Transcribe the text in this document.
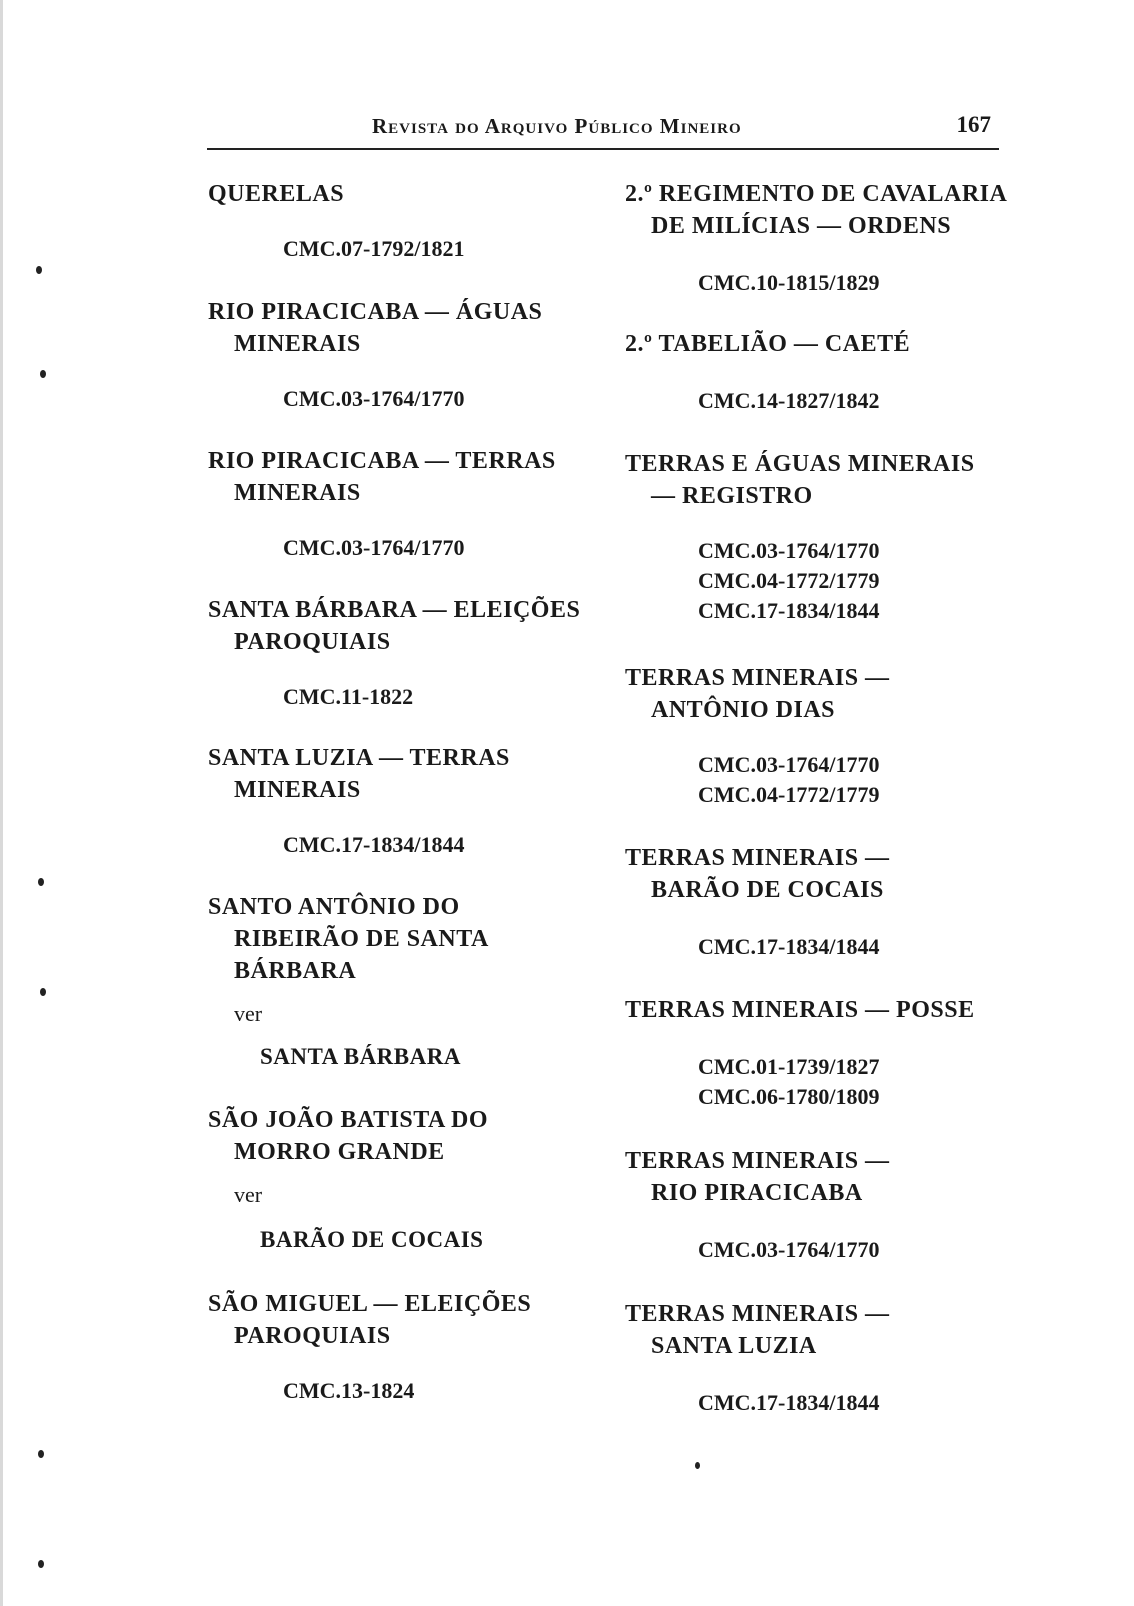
Revista do Arquivo Público Mineiro	167

QUERELAS

CMC.07-1792/1821

RIO PIRACICABA — ÁGUAS
MINERAIS

CMC.03-1764/1770

RIO PIRACICABA — TERRAS
MINERAIS

CMC.03-1764/1770

SANTA BÁRBARA — ELEIÇÕES
PAROQUIAIS

CMC.11-1822

SANTA LUZIA — TERRAS
MINERAIS

CMC.17-1834/1844

SANTO ANTÔNIO DO
RIBEIRÃO DE SANTA
BÁRBARA

ver
SANTA BÁRBARA

SÃO JOÃO BATISTA DO
MORRO GRANDE

ver
BARÃO DE COCAIS

SÃO MIGUEL — ELEIÇÕES
PAROQUIAIS

CMC.13-1824

2.º REGIMENTO DE CAVALARIA
DE MILÍCIAS — ORDENS

CMC.10-1815/1829

2.º TABELIÃO — CAETÉ

CMC.14-1827/1842

TERRAS E ÁGUAS MINERAIS
— REGISTRO

CMC.03-1764/1770
CMC.04-1772/1779
CMC.17-1834/1844

TERRAS MINERAIS —
ANTÔNIO DIAS

CMC.03-1764/1770
CMC.04-1772/1779

TERRAS MINERAIS —
BARÃO DE COCAIS

CMC.17-1834/1844

TERRAS MINERAIS — POSSE

CMC.01-1739/1827
CMC.06-1780/1809

TERRAS MINERAIS —
RIO PIRACICABA

CMC.03-1764/1770

TERRAS MINERAIS —
SANTA LUZIA

CMC.17-1834/1844
